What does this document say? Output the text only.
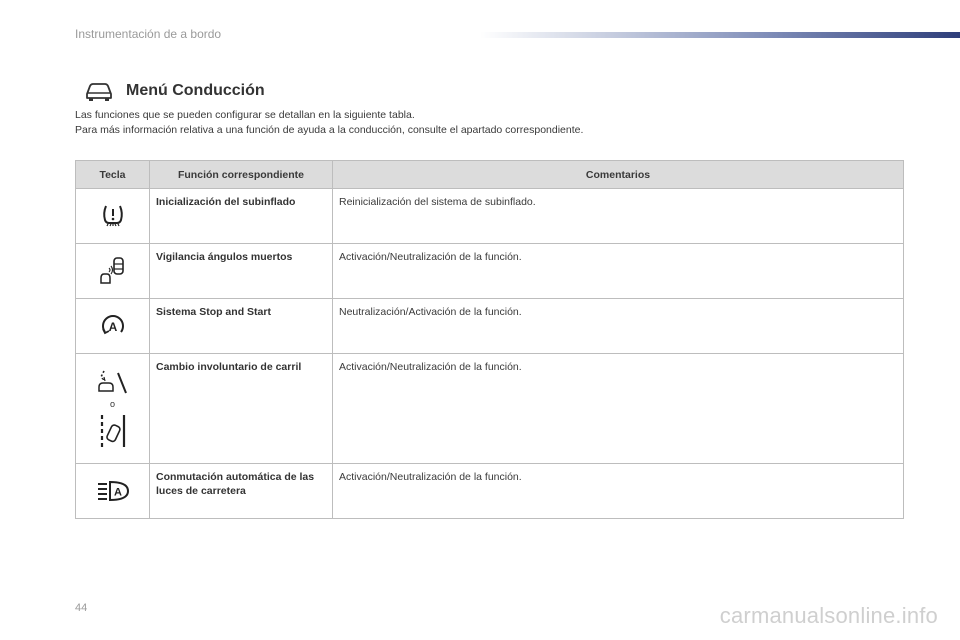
Instrumentación de a bordo
Menú Conducción
Las funciones que se pueden configurar se detallan en la siguiente tabla.
Para más información relativa a una función de ayuda a la conducción, consulte el apartado correspondiente.
Tecla	Función correspondiente	Comentarios

	Inicialización del subinflado	Reinicialización del sistema de subinflado.

	Vigilancia ángulos muertos	Activación/Neutralización de la función.

A	Sistema Stop and Start	Neutralización/Activación de la función.

o	Cambio involuntario de carril	Activación/Neutralización de la función.

A	Conmutación automática de las luces de carretera	Activación/Neutralización de la función.
44	carmanualsonline.info
